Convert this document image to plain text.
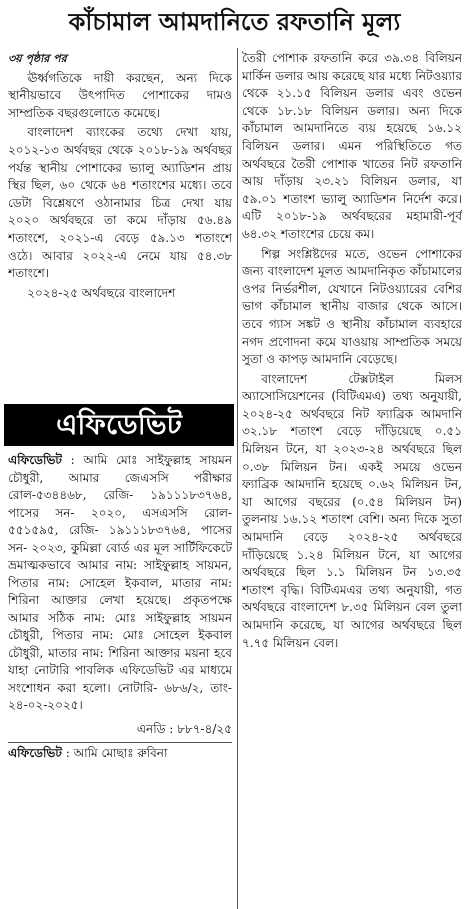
কাঁচামাল আমদানিতে রফতানি মূল্য

৩য় পৃষ্ঠার পর

ঊর্ধ্বগতিকে দায়ী করছেন, অন্য দিকে স্থানীয়ভাবে উৎপাদিত পোশাকের দামও সাম্প্রতিক বছরগুলোতে কমেছে।

বাংলাদেশ ব্যাংকের তথ্যে দেখা যায়, ২০১২-১৩ অর্থবছর থেকে ২০১৮-১৯ অর্থবছর পর্যন্ত স্থানীয় পোশাকের ভ্যালু অ্যাডিশন প্রায় স্থির ছিল, ৬০ থেকে ৬৪ শতাংশের মধ্যে। তবে ডেটা বিশ্লেষণে ওঠানামার চিত্র দেখা যায় ২০২০ অর্থবছরে তা কমে দাঁড়ায় ৫৬.৪৯ শতাংশে, ২০২১-এ বেড়ে ৫৯.১৩ শতাংশে ওঠে। আবার ২০২২-এ নেমে যায় ৫৪.৩৮ শতাংশে।

২০২৪-২৫ অর্থবছরে বাংলাদেশ

এফিডেভিট

এফিডেভিট : আমি মোঃ সাইফুল্লাহ সায়মন চৌধুরী, আমার জেএসসি পরীক্ষার রোল-৫৩৪৪৬৮, রেজি- ১৯১১১৮৩৭৬৪, পাসের সন- ২০২০, এসএসসি রোল- ৫৫১৫৯৫, রেজি- ১৯১১১৮৩৭৬৪, পাসের সন- ২০২৩, কুমিল্লা বোর্ড এর মূল সার্টিফিকেটে ভ্রমাত্মকভাবে আমার নাম: সাইফুল্লাহ সায়মন, পিতার নাম: সোহেল ইকবাল, মাতার নাম: শিরিনা আক্তার লেখা হয়েছে। প্রকৃতপক্ষে আমার সঠিক নাম: মোঃ সাইফুল্লাহ সায়মন চৌধুরী, পিতার নাম: মোঃ সোহেল ইকবাল চৌধুরী, মাতার নাম: শিরিনা আক্তার ময়না হবে যাহা নোটারি পাবলিক এফিডেভিট এর মাধ্যমে সংশোধন করা হলো। নোটারি- ৬৮৬/২, তাং- ২৪-০২-২০২৫।

এনডি : ৮৮৭-৪/২৫

এফিডেভিট : আমি মোছাঃ রুবিনা

তৈরী পোশাক রফতানি করে ৩৯.৩৪ বিলিয়ন মার্কিন ডলার আয় করেছে যার মধ্যে নিটওয়্যার থেকে ২১.১৫ বিলিয়ন ডলার এবং ওভেন থেকে ১৮.১৮ বিলিয়ন ডলার। অন্য দিকে কাঁচামাল আমদানিতে ব্যয় হয়েছে ১৬.১২ বিলিয়ন ডলার। এমন পরিস্থিতিতে গত অর্থবছরে তৈরী পোশাক খাতের নিট রফতানি আয় দাঁড়ায় ২৩.২১ বিলিয়ন ডলার, যা ৫৯.০১ শতাংশ ভ্যালু অ্যাডিশন নির্দেশ করে। এটি ২০১৮-১৯ অর্থবছরের মহামারী-পূর্ব ৬৪.৩২ শতাংশের চেয়ে কম।

শিল্প সংশ্লিষ্টদের মতে, ওভেন পোশাকের জন্য বাংলাদেশ মূলত আমদানিকৃত কাঁচামালের ওপর নির্ভরশীল, যেখানে নিটওয়্যারের বেশির ভাগ কাঁচামাল স্থানীয় বাজার থেকে আসে। তবে গ্যাস সঙ্কট ও স্থানীয় কাঁচামাল ব্যবহারে নগদ প্রণোদনা কমে যাওয়ায় সাম্প্রতিক সময়ে সুতা ও কাপড় আমদানি বেড়েছে।

বাংলাদেশ টেক্সটাইল মিলস অ্যাসোসিয়েশনের (বিটিএমএ) তথ্য অনুযায়ী, ২০২৪-২৫ অর্থবছরে নিট ফ্যাব্রিক আমদানি ৩২.১৮ শতাংশ বেড়ে দাঁড়িয়েছে ০.৫১ মিলিয়ন টনে, যা ২০২৩-২৪ অর্থবছরে ছিল ০.৩৮ মিলিয়ন টন। একই সময়ে ওভেন ফ্যাব্রিক আমদানি হয়েছে ০.৬২ মিলিয়ন টন, যা আগের বছরের (০.৫৪ মিলিয়ন টন) তুলনায় ১৬.১২ শতাংশ বেশি। অন্য দিকে সুতা আমদানি বেড়ে ২০২৪-২৫ অর্থবছরে দাঁড়িয়েছে ১.২৪ মিলিয়ন টনে, যা আগের অর্থবছরে ছিল ১.১ মিলিয়ন টন ১৩.৩৫ শতাংশ বৃদ্ধি। বিটিএমএর তথ্য অনুযায়ী, গত অর্থবছরে বাংলাদেশ ৮.৩৫ মিলিয়ন বেল তুলা আমদানি করেছে, যা আগের অর্থবছরে ছিল ৭.৭৫ মিলিয়ন বেল।
